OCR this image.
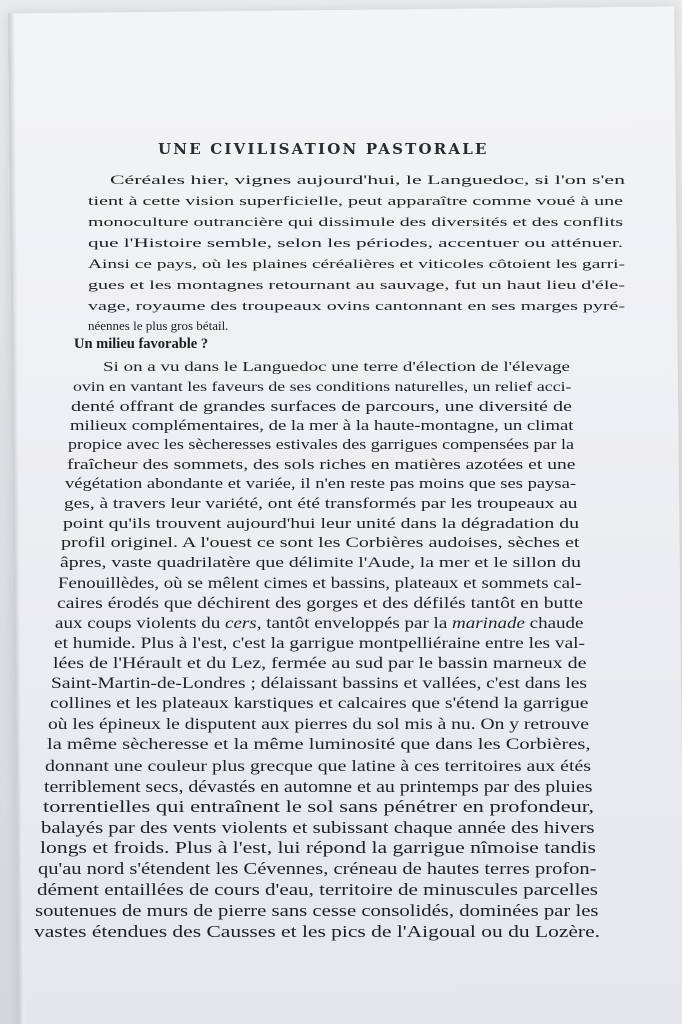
UNE CIVILISATION PASTORALE
Céréales hier, vignes aujourd'hui, le Languedoc, si l'on s'en
tient à cette vision superficielle, peut apparaître comme voué à une
monoculture outrancière qui dissimule des diversités et des conflits
que l'Histoire semble, selon les périodes, accentuer ou atténuer.
Ainsi ce pays, où les plaines céréalières et viticoles côtoient les garri-
gues et les montagnes retournant au sauvage, fut un haut lieu d'éle-
vage, royaume des troupeaux ovins cantonnant en ses marges pyré-
néennes le plus gros bétail.
Un milieu favorable ?
Si on a vu dans le Languedoc une terre d'élection de l'élevage
ovin en vantant les faveurs de ses conditions naturelles, un relief acci-
denté offrant de grandes surfaces de parcours, une diversité de
milieux complémentaires, de la mer à la haute-montagne, un climat
propice avec les sècheresses estivales des garrigues compensées par la
fraîcheur des sommets, des sols riches en matières azotées et une
végétation abondante et variée, il n'en reste pas moins que ses paysa-
ges, à travers leur variété, ont été transformés par les troupeaux au
point qu'ils trouvent aujourd'hui leur unité dans la dégradation du
profil originel. A l'ouest ce sont les Corbières audoises, sèches et
âpres, vaste quadrilatère que délimite l'Aude, la mer et le sillon du
Fenouillèdes, où se mêlent cimes et bassins, plateaux et sommets cal-
caires érodés que déchirent des gorges et des défilés tantôt en butte
aux coups violents du cers, tantôt enveloppés par la marinade chaude
et humide. Plus à l'est, c'est la garrigue montpelliéraine entre les val-
lées de l'Hérault et du Lez, fermée au sud par le bassin marneux de
Saint-Martin-de-Londres ; délaissant bassins et vallées, c'est dans les
collines et les plateaux karstiques et calcaires que s'étend la garrigue
où les épineux le disputent aux pierres du sol mis à nu. On y retrouve
la même sècheresse et la même luminosité que dans les Corbières,
donnant une couleur plus grecque que latine à ces territoires aux étés
terriblement secs, dévastés en automne et au printemps par des pluies
torrentielles qui entraînent le sol sans pénétrer en profondeur,
balayés par des vents violents et subissant chaque année des hivers
longs et froids. Plus à l'est, lui répond la garrigue nîmoise tandis
qu'au nord s'étendent les Cévennes, créneau de hautes terres profon-
dément entaillées de cours d'eau, territoire de minuscules parcelles
soutenues de murs de pierre sans cesse consolidés, dominées par les
vastes étendues des Causses et les pics de l'Aigoual ou du Lozère.
